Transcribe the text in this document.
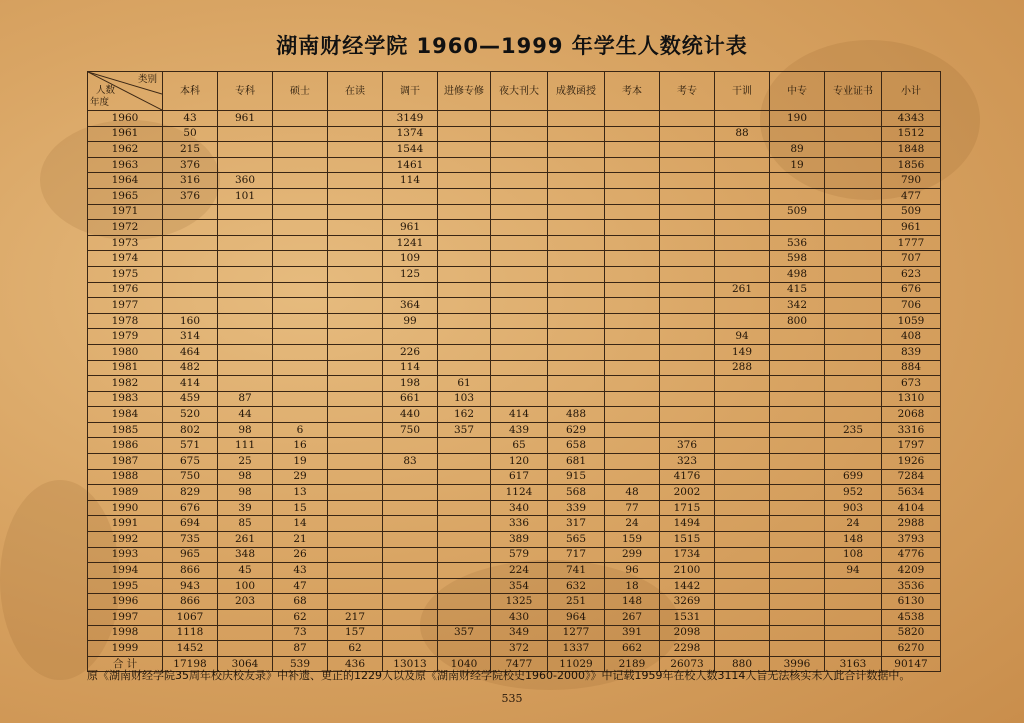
湖南财经学院 1960—1999 年学生人数统计表
类别
人数
年度	本科	专科	硕士	在读	调干	进修专修	夜大刊大	成教函授	考本	考专	干训	中专	专业证书	小计
1960	43	961			3149							190		4343
1961	50				1374						88			1512
1962	215				1544							89		1848
1963	376				1461							19		1856
1964	316	360			114									790
1965	376	101												477
1971												509		509
1972					961									961
1973					1241							536		1777
1974					109							598		707
1975					125							498		623
1976											261	415		676
1977					364							342		706
1978	160				99							800		1059
1979	314										94			408
1980	464				226						149			839
1981	482				114						288			884
1982	414				198	61								673
1983	459	87			661	103								1310
1984	520	44			440	162	414	488						2068
1985	802	98	6		750	357	439	629					235	3316
1986	571	111	16				65	658		376				1797
1987	675	25	19		83		120	681		323				1926
1988	750	98	29				617	915		4176			699	7284
1989	829	98	13				1124	568	48	2002			952	5634
1990	676	39	15				340	339	77	1715			903	4104
1991	694	85	14				336	317	24	1494			24	2988
1992	735	261	21				389	565	159	1515			148	3793
1993	965	348	26				579	717	299	1734			108	4776
1994	866	45	43				224	741	96	2100			94	4209
1995	943	100	47				354	632	18	1442				3536
1996	866	203	68				1325	251	148	3269				6130
1997	1067		62	217			430	964	267	1531				4538
1998	1118		73	157		357	349	1277	391	2098				5820
1999	1452		87	62			372	1337	662	2298				6270
合 计	17198	3064	539	436	13013	1040	7477	11029	2189	26073	880	3996	3163	90147
原《湖南财经学院35周年校庆校友录》中补遗、更正的1229人以及原《湖南财经学院校史1960-2000》》中记载1959年在校人数3114人旨无法核实未入此合计数据中。
535
